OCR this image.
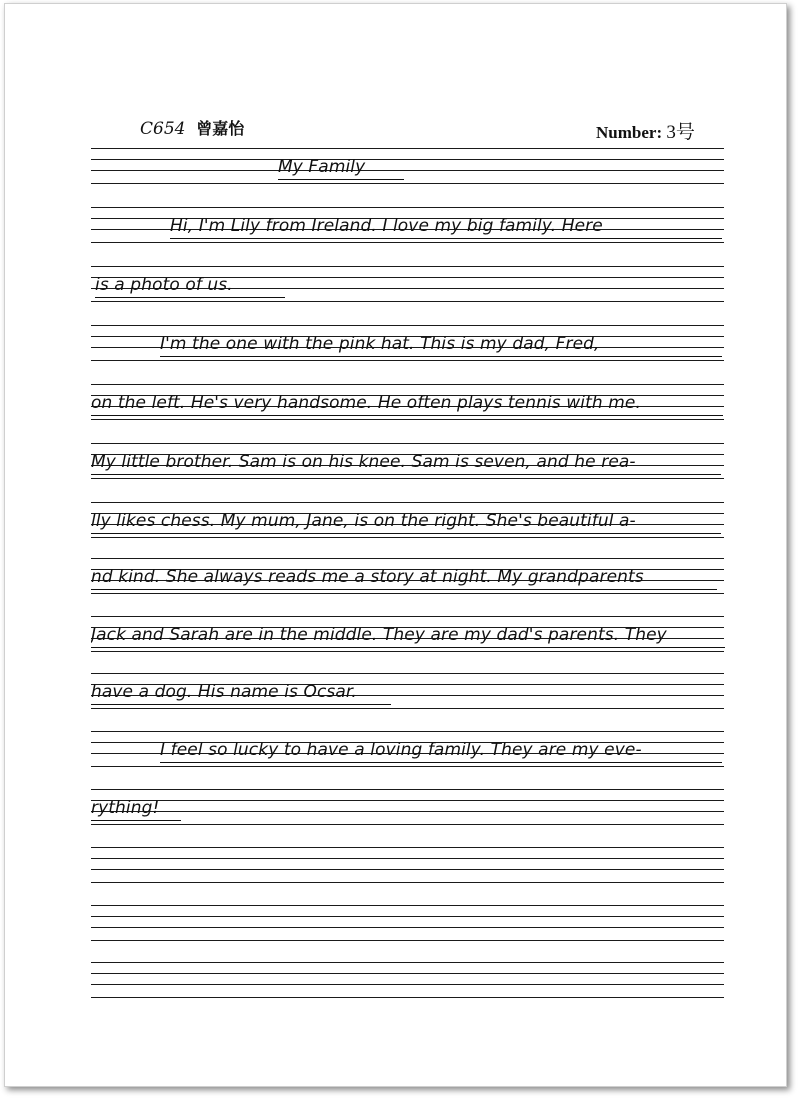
C654 曾嘉怡	Number: 3号
My Family
Hi, I'm Lily from Ireland. I love my big family. Here
is a photo of us.
I'm the one with the pink hat. This is my dad, Fred,
on the left. He's very handsome. He often plays tennis with me.
My little brother. Sam is on his knee. Sam is seven, and he rea-
lly likes chess. My mum, Jane, is on the right. She's beautiful a-
nd kind. She always reads me a story at night. My grandparents
Jack and Sarah are in the middle. They are my dad's parents. They
have a dog. His name is Ocsar.
I feel so lucky to have a loving family. They are my eve-
rything!
